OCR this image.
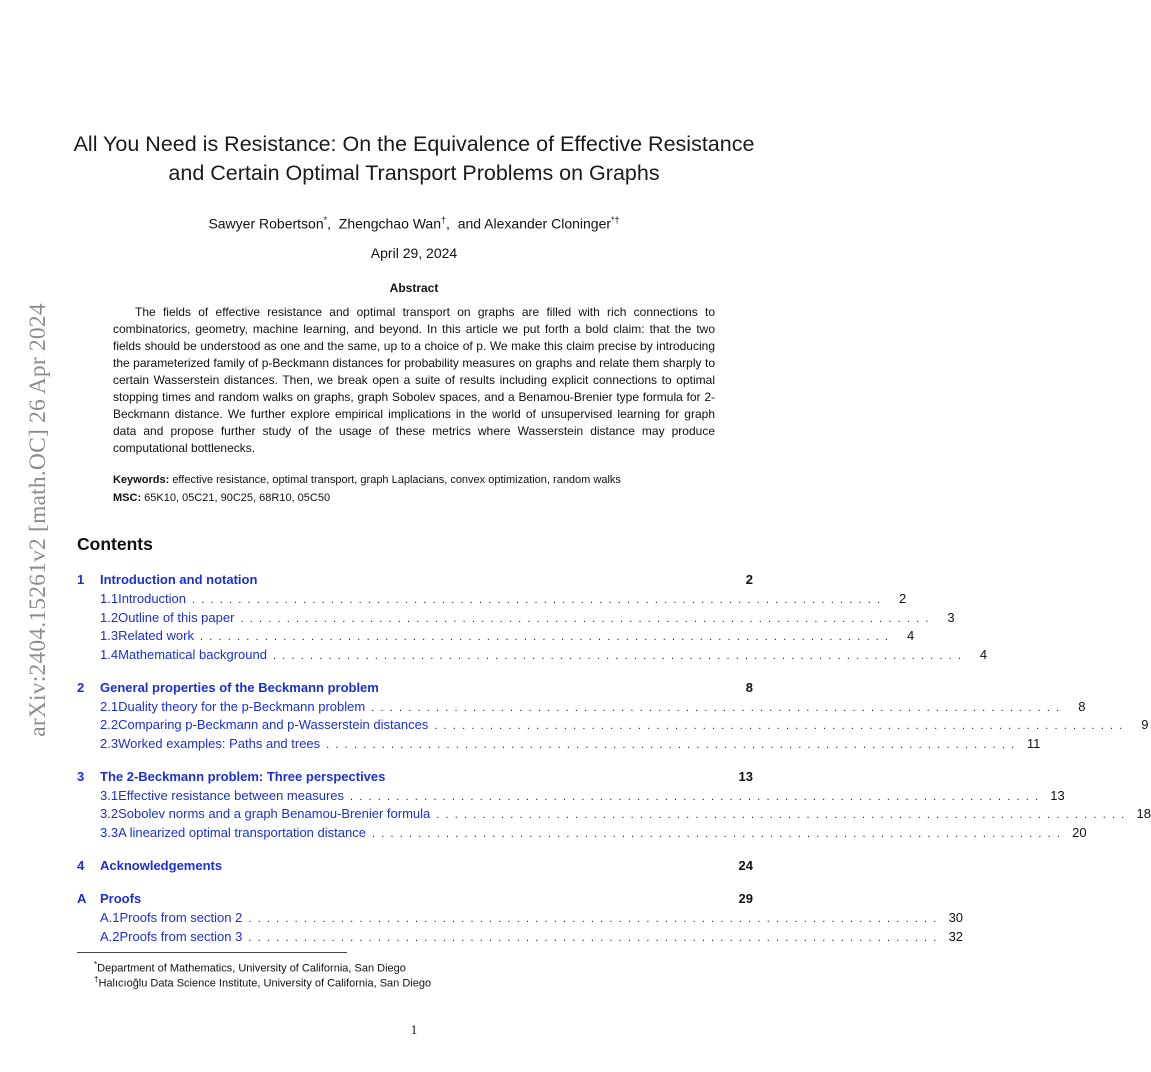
arXiv:2404.15261v2 [math.OC] 26 Apr 2024
All You Need is Resistance: On the Equivalence of Effective Resistance
and Certain Optimal Transport Problems on Graphs
Sawyer Robertson*,  Zhengchao Wan†,  and Alexander Cloninger*†
April 29, 2024
Abstract
The fields of effective resistance and optimal transport on graphs are filled with rich connections to combinatorics, geometry, machine learning, and beyond. In this article we put forth a bold claim: that the two fields should be understood as one and the same, up to a choice of p. We make this claim precise by introducing the parameterized family of p-Beckmann distances for probability measures on graphs and relate them sharply to certain Wasserstein distances. Then, we break open a suite of results including explicit connections to optimal stopping times and random walks on graphs, graph Sobolev spaces, and a Benamou-Brenier type formula for 2-Beckmann distance. We further explore empirical implications in the world of unsupervised learning for graph data and propose further study of the usage of these metrics where Wasserstein distance may produce computational bottlenecks.
Keywords: effective resistance, optimal transport, graph Laplacians, convex optimization, random walks
MSC: 65K10, 05C21, 90C25, 68R10, 05C50
Contents
1	Introduction and notation	2
1.1 Introduction ........................................................................... 2
1.2 Outline of this paper ........................................................................... 3
1.3 Related work ........................................................................... 4
1.4 Mathematical background ........................................................................... 4
2	General properties of the Beckmann problem	8
2.1 Duality theory for the p-Beckmann problem ........................................................................... 8
2.2 Comparing p-Beckmann and p-Wasserstein distances ........................................................................... 9
2.3 Worked examples: Paths and trees ........................................................................... 11
3	The 2-Beckmann problem: Three perspectives	13
3.1 Effective resistance between measures ........................................................................... 13
3.2 Sobolev norms and a graph Benamou-Brenier formula ........................................................................... 18
3.3 A linearized optimal transportation distance ........................................................................... 20
4	Acknowledgements	24
A	Proofs	29
A.1 Proofs from section 2 ........................................................................... 30
A.2 Proofs from section 3 ........................................................................... 32
*Department of Mathematics, University of California, San Diego
†Halıcıoğlu Data Science Institute, University of California, San Diego
1
